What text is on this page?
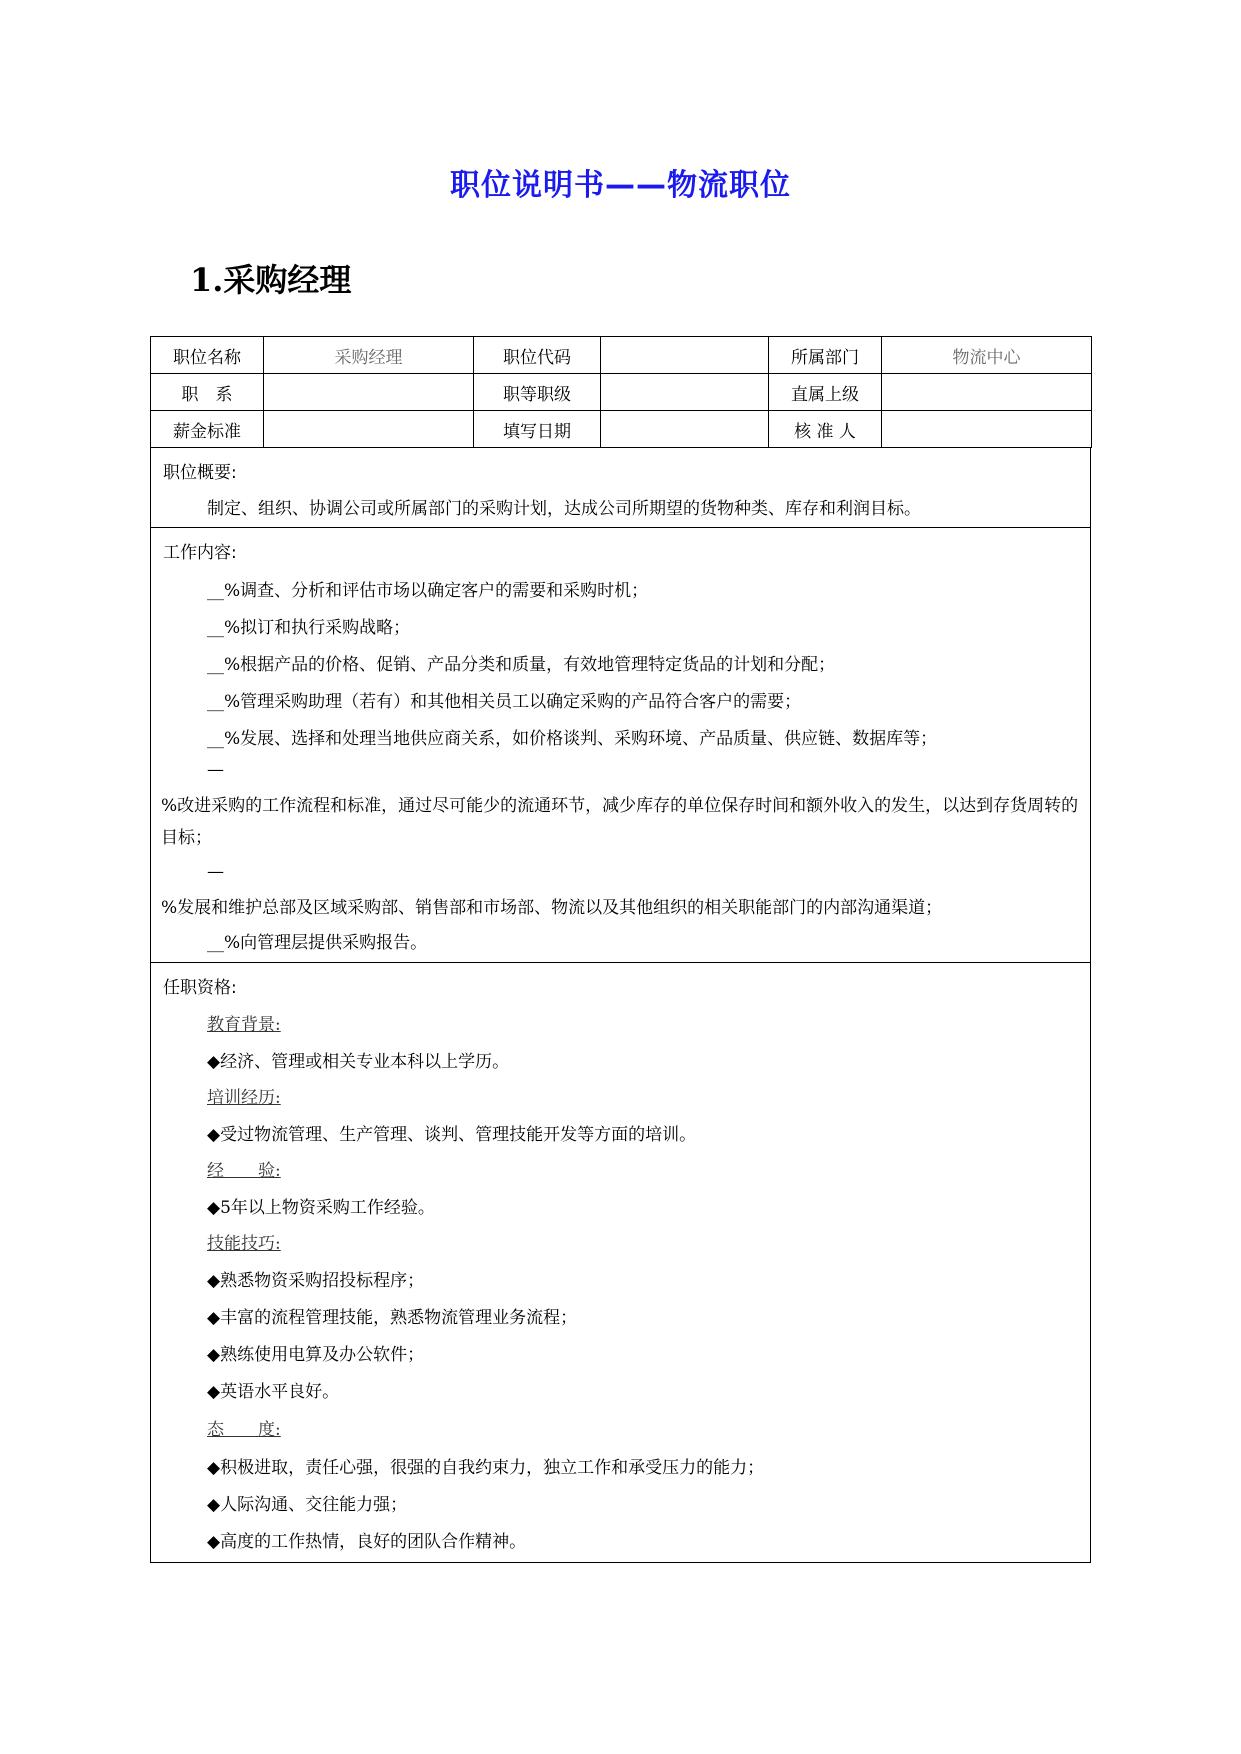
职位说明书——物流职位
1.采购经理
职位名称	采购经理	职位代码		所属部门	物流中心
职　系		职等职级		直属上级	
薪金标准		填写日期		核 准 人	
职位概要:
制定、组织、协调公司或所属部门的采购计划，达成公司所期望的货物种类、库存和利润目标。
工作内容:
__%调查、分析和评估市场以确定客户的需要和采购时机；
__%拟订和执行采购战略；
__%根据产品的价格、促销、产品分类和质量，有效地管理特定货品的计划和分配；
__%管理采购助理（若有）和其他相关员工以确定采购的产品符合客户的需要；
__%发展、选择和处理当地供应商关系，如价格谈判、采购环境、产品质量、供应链、数据库等；
—
%改进采购的工作流程和标准，通过尽可能少的流通环节，减少库存的单位保存时间和额外收入的发生，以达到存货周转的目标；
—
%发展和维护总部及区域采购部、销售部和市场部、物流以及其他组织的相关职能部门的内部沟通渠道；
__%向管理层提供采购报告。
任职资格:
教育背景:
◆经济、管理或相关专业本科以上学历。
培训经历:
◆受过物流管理、生产管理、谈判、管理技能开发等方面的培训。
经　　验:
◆5年以上物资采购工作经验。
技能技巧:
◆熟悉物资采购招投标程序；
◆丰富的流程管理技能，熟悉物流管理业务流程；
◆熟练使用电算及办公软件；
◆英语水平良好。
态　　度:
◆积极进取，责任心强，很强的自我约束力，独立工作和承受压力的能力；
◆人际沟通、交往能力强；
◆高度的工作热情，良好的团队合作精神。
